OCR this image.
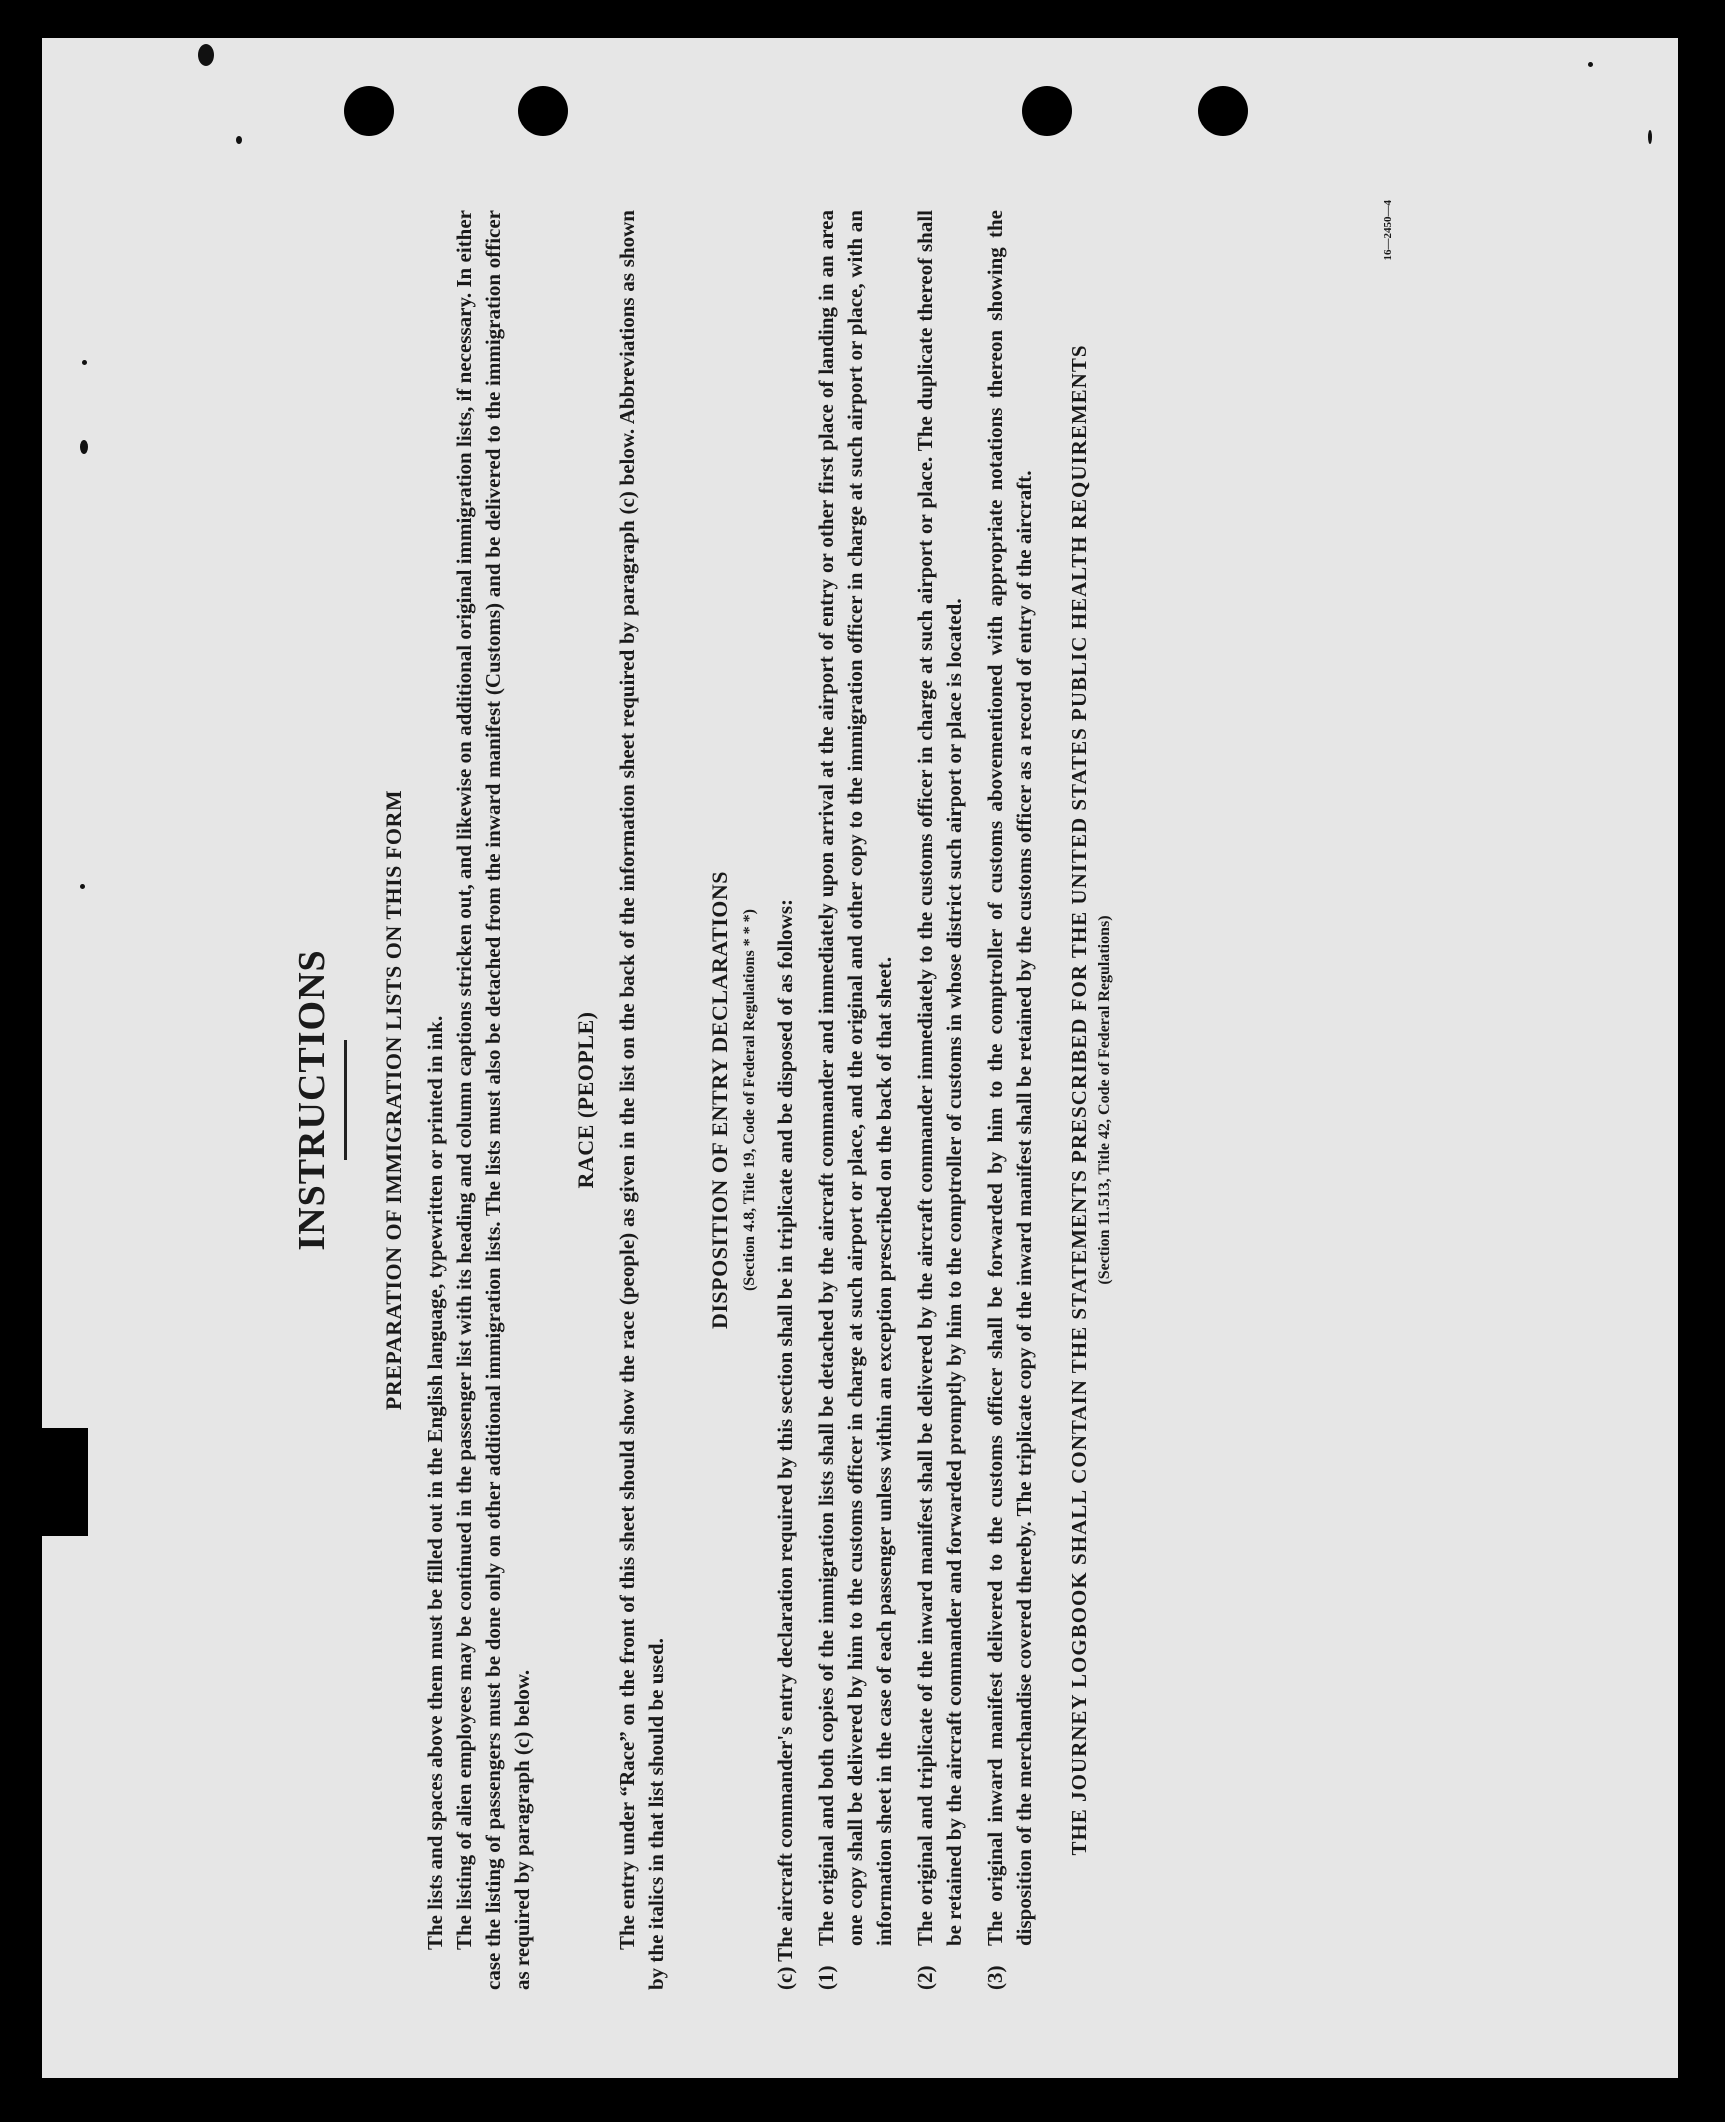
INSTRUCTIONS PREPARATION OF IMMIGRATION LISTS ON THIS FORM The lists and spaces above them must be filled out in the English language, typewritten or printed in ink. The listing of alien employees may be continued in the passenger list with its heading and column captions stricken out, and likewise on additional original immigration lists, if necessary. In either case the listing of passengers must be done only on other additional immigration lists. The lists must also be detached from the inward manifest (Customs) and be delivered to the immigration officer as required by paragraph (c) below.

RACE (PEOPLE) The entry under “Race” on the front of this sheet should show the race (people) as given in the list on the back of the information sheet required by paragraph (c) below. Abbreviations as shown by the italics in that list should be used.

DISPOSITION OF ENTRY DECLARATIONS (Section 4.8, Title 19, Code of Federal Regulations * * *) (c) The aircraft commander's entry declaration required by this section shall be in triplicate and be disposed of as follows: (1)

The original and both copies of the immigration lists shall be detached by the aircraft commander and immediately upon arrival at the airport of entry or other first place of landing in an area one copy shall be delivered by him to the customs officer in charge at such airport or place, and the original and other copy to the immigration officer in charge at such airport or place, with an information sheet in the case of each passenger unless within an exception prescribed on the back of that sheet.

(2)

The original and triplicate of the inward manifest shall be delivered by the aircraft commander immediately to the customs officer in charge at such airport or place. The duplicate thereof shall be retained by the aircraft commander and forwarded promptly by him to the comptroller of customs in whose district such airport or place is located.

(3)

The original inward manifest delivered to the customs officer shall be forwarded by him to the comptroller of customs abovementioned with appropriate notations thereon showing the disposition of the merchandise covered thereby. The triplicate copy of the inward manifest shall be retained by the customs officer as a record of entry of the aircraft. THE JOURNEY LOGBOOK SHALL CONTAIN THE STATEMENTS PRESCRIBED FOR THE UNITED STATES PUBLIC HEALTH REQUIREMENTS (Section 11.513, Title 42, Code of Federal Regulations)
16—2450—4
